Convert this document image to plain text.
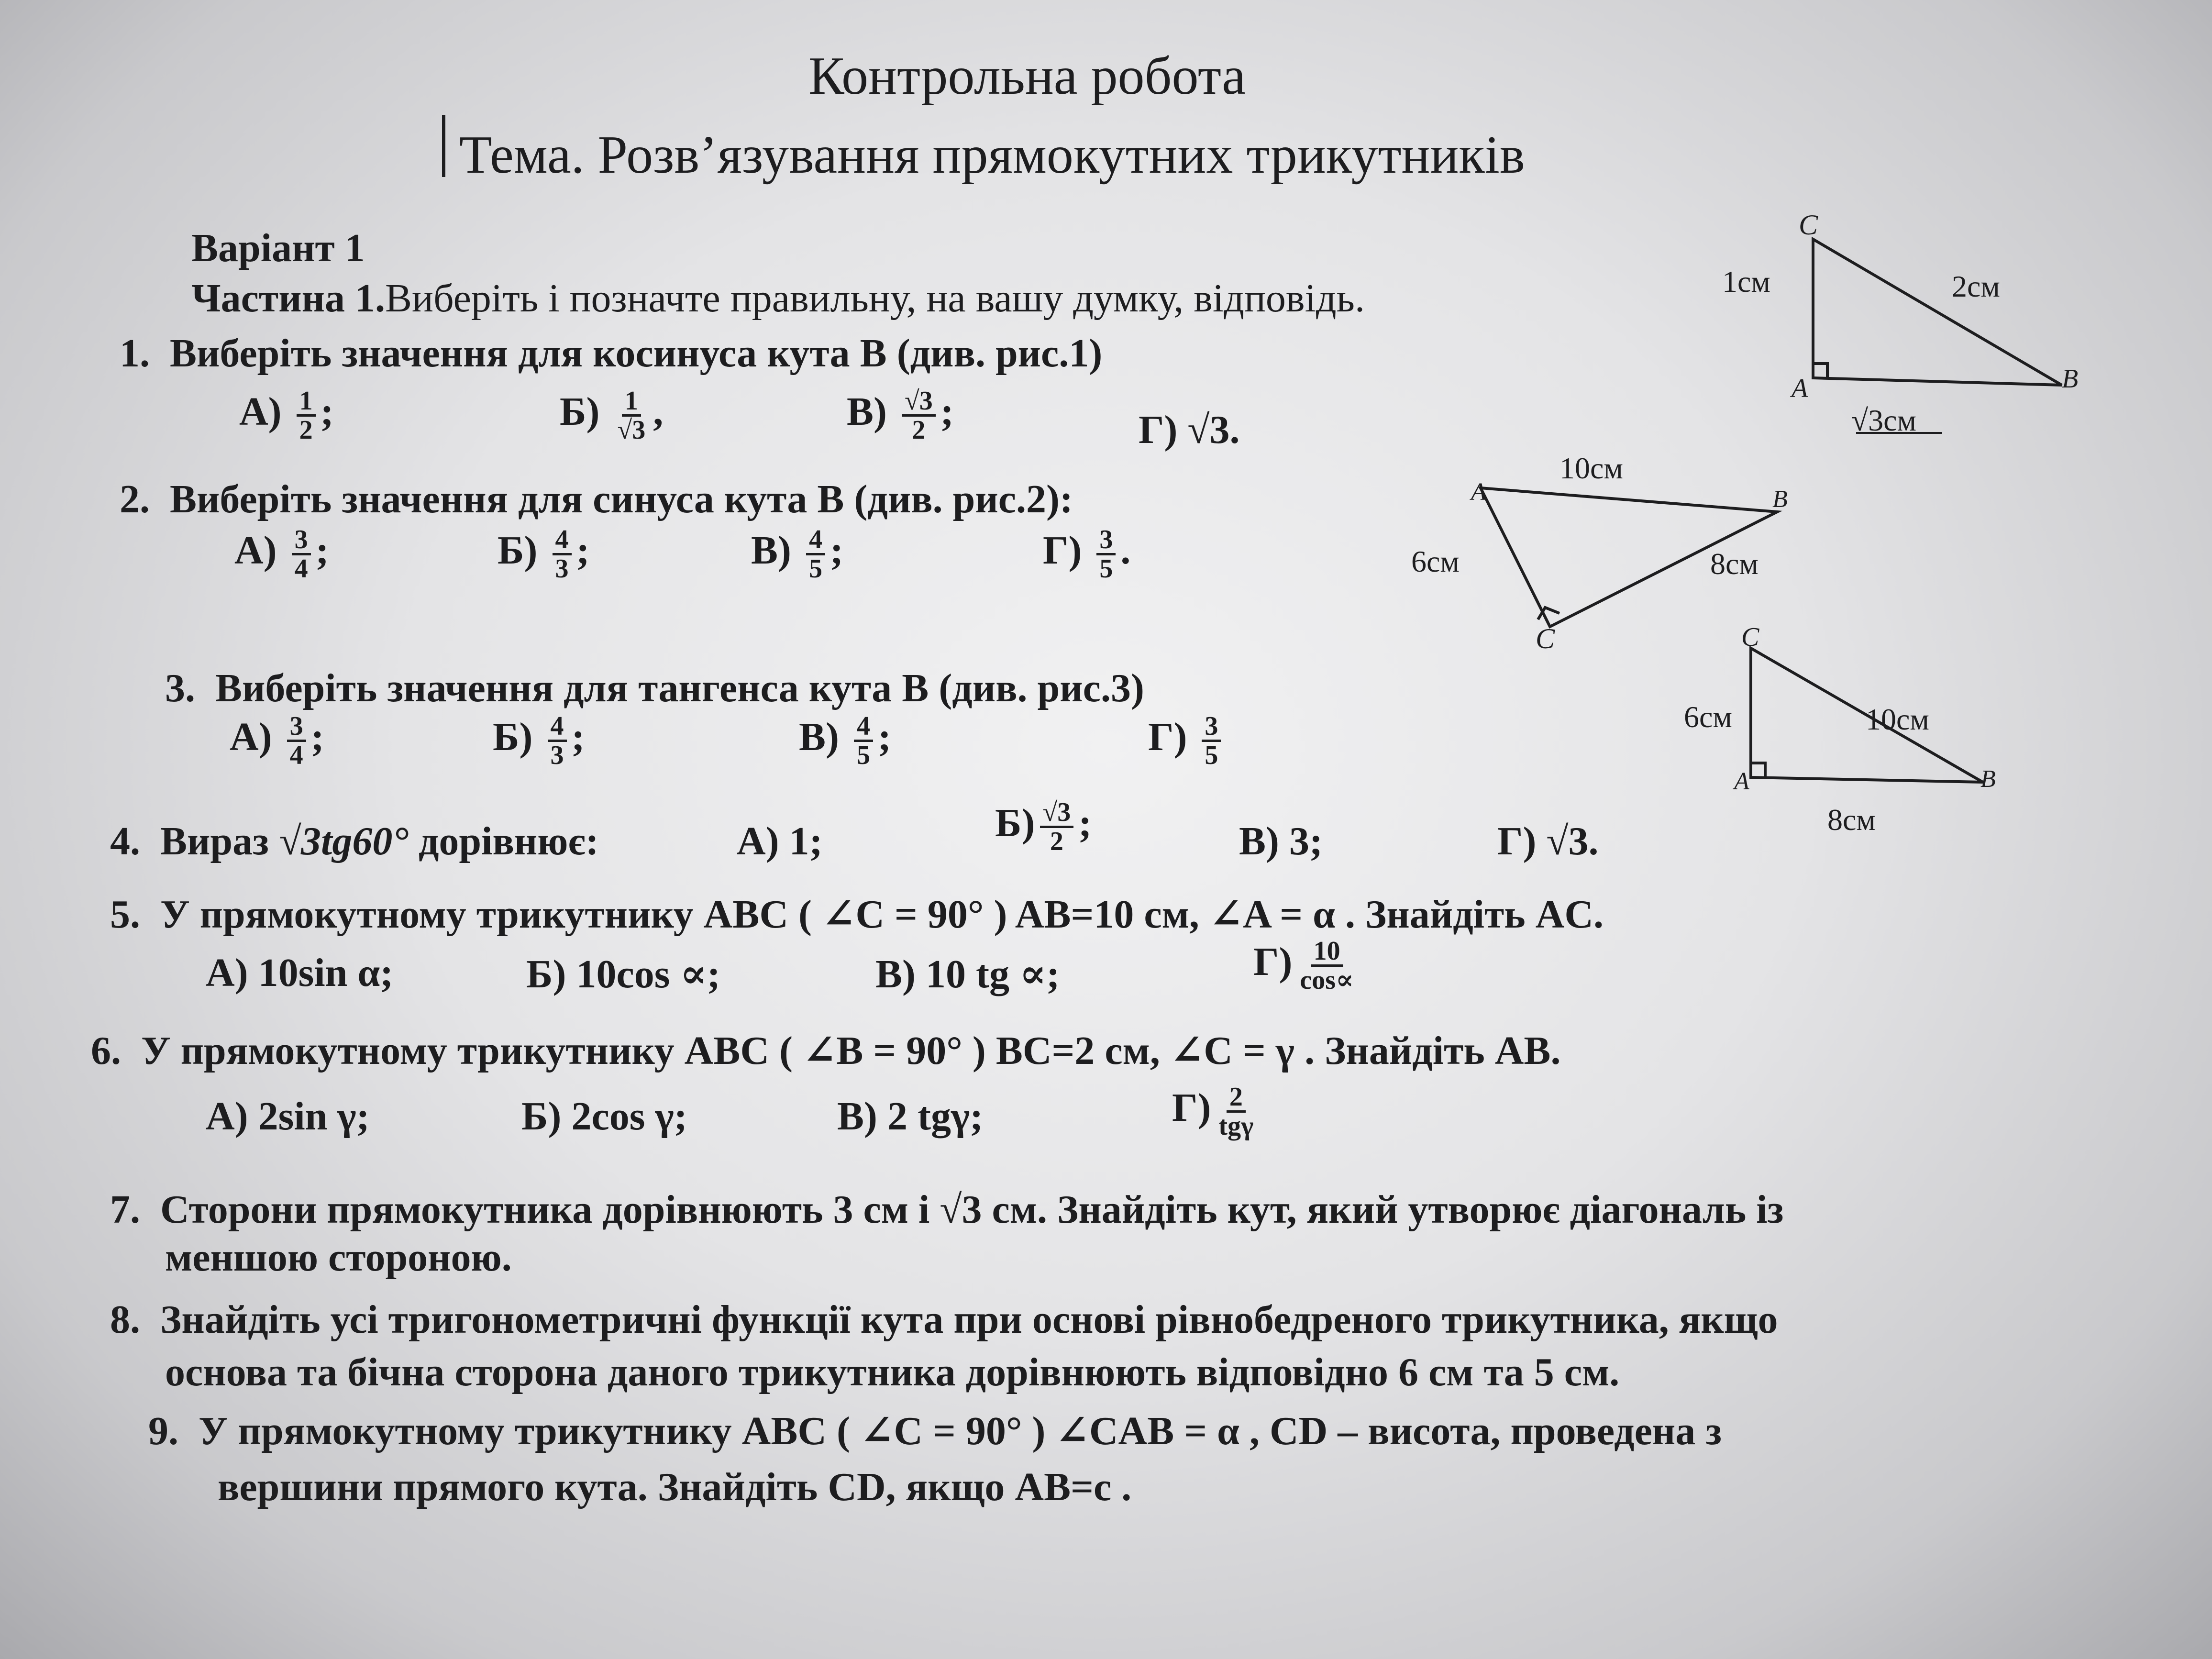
Контрольна робота
Тема. Розв’язування прямокутних трикутників
Варіант 1
Частина 1.Виберіть і позначте правильну, на вашу думку, відповідь.
1. Виберіть значення для косинуса кута B (див. рис.1)
$А) \frac{1}{2}$ ;	$Б) \frac{1}{√3}$ ,	$В) \frac{√3}{2}$ ;	Г) √3.
2. Виберіть значення для синуса кута B (див. рис.2):
$А) \frac{3}{4}$ ;	$Б) \frac{4}{3}$ ;	$В) \frac{4}{5}$ ;	$Г) \frac{3}{5}$ .
3. Виберіть значення для тангенса кута B (див. рис.3)
$А) \frac{3}{4}$ ;	$Б) \frac{4}{3}$ ;	$В) \frac{4}{5}$ ;	$Г) \frac{3}{5}$
4. Вираз √3tg60° дорівнює:	А) 1;	$Б) \frac{√3}{2}$ ;	В) 3;	Г) √3.
5. У прямокутному трикутнику ABC ( ∠C = 90° ) AB=10 см, ∠A = α . Знайдіть AC.
А) 10sin α;	Б) 10cos ∝;	В) 10 tg ∝;	$Г) \frac{10}{\cos\propto}$
6. У прямокутному трикутнику ABC ( ∠B = 90° ) BC=2 см, ∠C = γ . Знайдіть AB.
А) 2sin γ;	Б) 2cos γ;	В) 2 tgγ;	$Г) \frac{2}{\text{tgγ}}$
7. Сторони прямокутника дорівнюють 3 см і √3 см. Знайдіть кут, який утворює діагональ із
меншою стороною.
8. Знайдіть усі тригонометричні функції кута при основі рівнобедреного трикутника, якщо
основа та бічна сторона даного трикутника дорівнюють відповідно 6 см та 5 см.
9. У прямокутному трикутнику ABC ( ∠C = 90° ) ∠CAB = α , CD – висота, проведена з
вершини прямого кута. Знайдіть CD, якщо AB=c .
C
A	B
1см	2см
√3см
A	B
C
10см
6см	8см
C
A	B
6см	10см
8см
